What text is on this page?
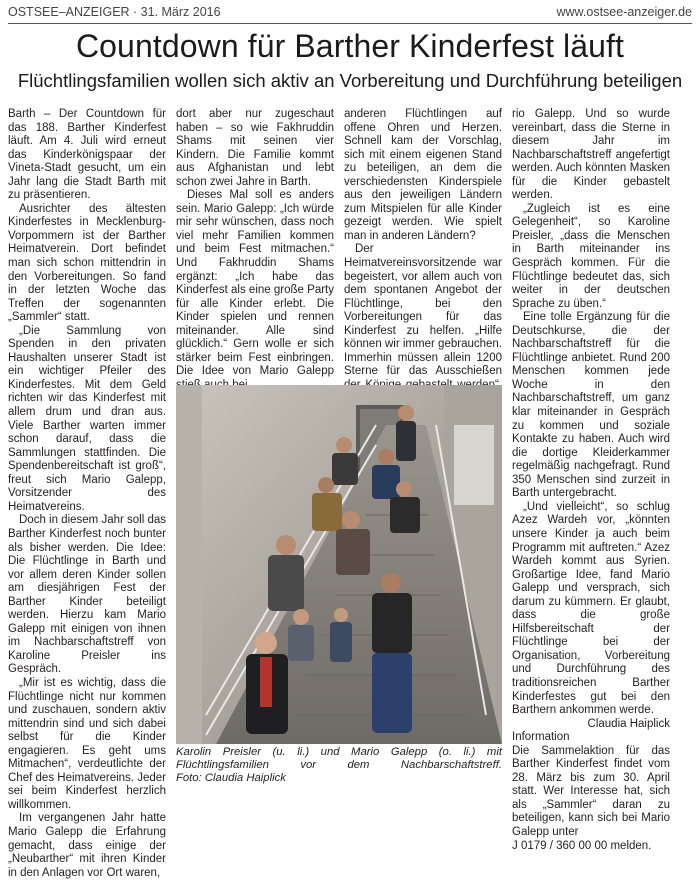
OSTSEE–ANZEIGER · 31. März 2016	www.ostsee-anzeiger.de
Countdown für Barther Kinderfest läuft
Flüchtlingsfamilien wollen sich aktiv an Vorbereitung und Durchführung beteiligen

Barth – Der Countdown für das 188. Barther Kinderfest läuft. Am 4. Juli wird erneut das Kinderkönigspaar der Vineta-Stadt gesucht, um ein Jahr lang die Stadt Barth mit zu präsentieren.

Ausrichter des ältesten Kinderfestes in Mecklenburg-Vorpommern ist der Barther Heimatverein. Dort befindet man sich schon mittendrin in den Vorbereitungen. So fand in der letzten Woche das Treffen der sogenannten „Sammler“ statt.

„Die Sammlung von Spenden in den privaten Haushalten unserer Stadt ist ein wichtiger Pfeiler des Kinderfestes. Mit dem Geld richten wir das Kinderfest mit allem drum und dran aus. Viele Barther warten immer schon darauf, dass die Sammlungen stattfinden. Die Spendenbereitschaft ist groß“, freut sich Mario Galepp, Vorsitzender des Heimatvereins.

Doch in diesem Jahr soll das Barther Kinderfest noch bunter als bisher werden. Die Idee: Die Flüchtlinge in Barth und vor allem deren Kinder sollen am diesjährigen Fest der Barther Kinder beteiligt werden. Hierzu kam Mario Galepp mit einigen von ihnen im Nachbarschaftstreff von Karoline Preisler ins Gespräch.

„Mir ist es wichtig, dass die Flüchtlinge nicht nur kommen und zuschauen, sondern aktiv mittendrin sind und sich dabei selbst für die Kinder engagieren. Es geht ums Mitmachen“, verdeutlichte der Chef des Heimatvereins. Jeder sei beim Kinderfest herzlich willkommen.

Im vergangenen Jahr hatte Mario Galepp die Erfahrung gemacht, dass einige der „Neubarther“ mit ihren Kinder in den Anlagen vor Ort waren,

dort aber nur zugeschaut haben – so wie Fakhruddin Shams mit seinen vier Kindern. Die Familie kommt aus Afghanistan und lebt schon zwei Jahre in Barth.

Dieses Mal soll es anders sein. Mario Galepp: „Ich würde mir sehr wünschen, dass noch viel mehr Familien kommen und beim Fest mitmachen.“ Und Fakhruddin Shams ergänzt: „Ich habe das Kinderfest als eine große Party für alle Kinder erlebt. Die Kinder spielen und rennen miteinander. Alle sind glücklich.“ Gern wolle er sich stärker beim Fest einbringen. Die Idee von Mario Galepp

anderen Flüchtlingen auf offene Ohren und Herzen. Schnell kam der Vorschlag, sich mit einem eigenen Stand zu beteiligen, an dem die verschiedensten Kinderspiele aus den jeweiligen Ländern zum Mitspielen für alle Kinder gezeigt werden. Wie spielt man in anderen Ländern?

Der Heimatvereinsvorsitzende war begeistert, vor allem auch von dem spontanen Angebot der Flüchtlinge, bei den Vorbereitungen für das Kinderfest zu helfen. „Hilfe können wir immer gebrauchen. Immerhin müssen allein 1200 Sterne für das Ausschießen

rio Galepp. Und so wurde vereinbart, dass die Sterne in diesem Jahr im Nachbarschaftstreff angefertigt werden. Auch könnten Masken für die Kinder gebastelt werden.

„Zugleich ist es eine Gelegenheit“, so Karoline Preisler, „dass die Menschen in Barth miteinander ins Gespräch kommen. Für die Flüchtlinge bedeutet das, sich weiter in der deutschen Sprache zu üben.“

Eine tolle Ergänzung für die Deutschkurse, die der Nachbarschaftstreff für die Flüchtlinge anbietet. Rund 200 Menschen kommen jede Woche in den Nachbarschaftstreff, um ganz klar miteinander in Gespräch zu kommen und soziale Kontakte zu haben. Auch wird die dortige Kleiderkammer regelmäßig nachgefragt. Rund 350 Menschen sind zurzeit in Barth untergebracht.

„Und vielleicht“, so schlug Azez Wardeh vor, „könnten unsere Kinder ja auch beim Programm mit auftreten.“ Azez Wardeh kommt aus Syrien. Großartige Idee, fand Mario Galepp und versprach, sich darum zu kümmern. Er glaubt, dass die große Hilfsbereitschaft der Flüchtlinge bei der Organisation, Vorbereitung und Durchführung des traditionsreichen Barther Kinderfestes gut bei den Barthern ankommen werde.

Claudia Haiplick

Information

Die Sammelaktion für das Barther Kinderfest findet vom 28. März bis zum 30. April statt. Wer Interesse hat, sich als „Sammler“ daran zu beteiligen, kann sich bei Mario Galepp unter

J 0179 / 360 00 00 melden.

Karolin Preisler (u. li.) und Mario Galepp (o. li.) mit Flüchtlingsfamilien vor dem Nachbarschaftstreff. Foto: Claudia Haiplick
